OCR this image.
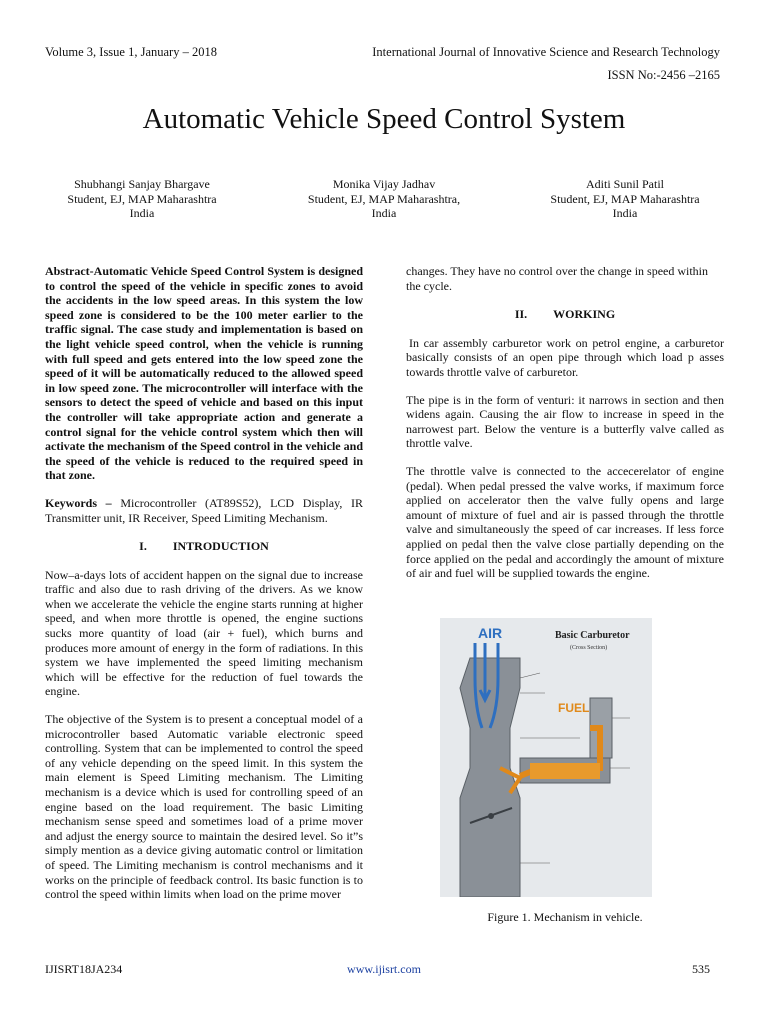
Volume 3, Issue 1, January – 2018	International Journal of Innovative Science and Research Technology
ISSN No:-2456 –2165
Automatic Vehicle Speed Control System
Shubhangi Sanjay Bhargave
Student, EJ, MAP Maharashtra
India
Monika Vijay Jadhav
Student, EJ, MAP Maharashtra,
India
Aditi Sunil Patil
Student, EJ, MAP Maharashtra
India

Abstract-Automatic Vehicle Speed Control System is designed to control the speed of the vehicle in specific zones to avoid the accidents in the low speed areas. In this system the low speed zone is considered to be the 100 meter earlier to the traffic signal. The case study and implementation is based on the light vehicle speed control, when the vehicle is running with full speed and gets entered into the low speed zone the speed of it will be automatically reduced to the allowed speed in low speed zone. The microcontroller will interface with the sensors to detect the speed of vehicle and based on this input the controller will take appropriate action and generate a control signal for the vehicle control system which then will activate the mechanism of the Speed control in the vehicle and the speed of the vehicle is reduced to the required speed in that zone.

Keywords – Microcontroller (AT89S52), LCD Display, IR Transmitter unit, IR Receiver, Speed Limiting Mechanism.

I. INTRODUCTION

Now–a-days lots of accident happen on the signal due to increase traffic and also due to rash driving of the drivers. As we know when we accelerate the vehicle the engine starts running at higher speed, and when more throttle is opened, the engine suctions sucks more quantity of load (air + fuel), which burns and produces more amount of energy in the form of radiations. In this system we have implemented the speed limiting mechanism which will be effective for the reduction of fuel towards the engine.

The objective of the System is to present a conceptual model of a microcontroller based Automatic variable electronic speed controlling. System that can be implemented to control the speed of any vehicle depending on the speed limit. In this system the main element is Speed Limiting mechanism. The Limiting mechanism is a device which is used for controlling speed of an engine based on the load requirement. The basic Limiting mechanism sense speed and sometimes load of a prime mover and adjust the energy source to maintain the desired level. So it”s simply mention as a device giving automatic control or limitation of speed. The Limiting mechanism is control mechanisms and it works on the principle of feedback control. Its basic function is to control the speed within limits when load on the prime mover

changes. They have no control over the change in speed within the cycle.

II. WORKING

In car assembly carburetor work on petrol engine, a carburetor basically consists of an open pipe through which load p asses towards throttle valve of carburetor.

The pipe is in the form of venturi: it narrows in section and then widens again. Causing the air flow to increase in speed in the narrowest part. Below the venture is a butterfly valve called as throttle valve.

The throttle valve is connected to the accecerelator of engine (pedal). When pedal pressed the valve works, if maximum force applied on accelerator then the valve fully opens and large amount of mixture of fuel and air is passed through the throttle valve and simultaneously the speed of car increases. If less force applied on pedal then the valve close partially depending on the force applied on the pedal and accordingly the amount of mixture of air and fuel will be supplied towards the engine.

AIR	Basic Carburetor
(Cross Section)
FUEL
Figure 1. Mechanism in vehicle.
IJISRT18JA234	www.ijisrt.com	535
